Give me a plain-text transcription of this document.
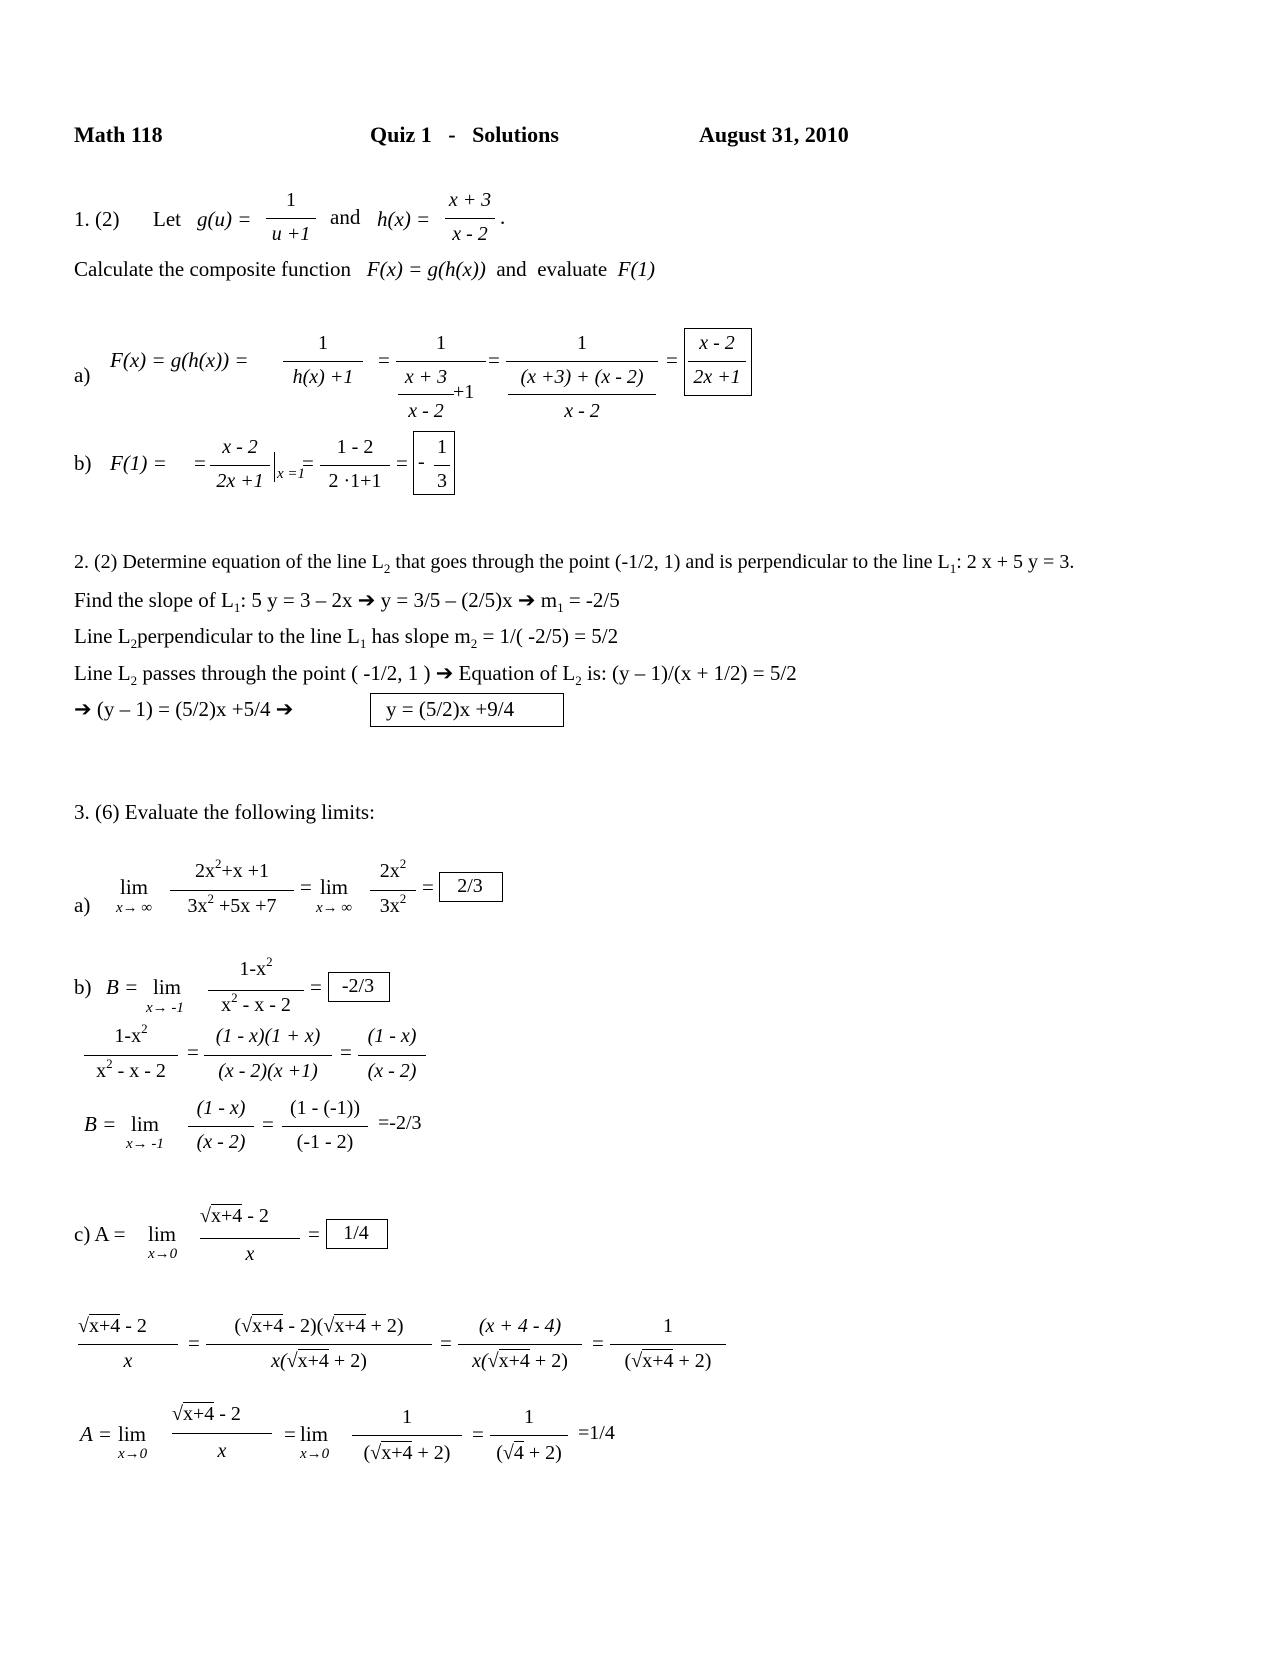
Math 118	Quiz 1 - Solutions	August 31, 2010
1. (2) Let g(u) =
1
u +1
and h(x) =
x + 3
x - 2
.
Calculate the composite function F(x) = g(h(x)) and evaluate F(1)
a)
F(x) = g(h(x)) =
1
h(x) +1
=
1
x + 3
x - 2
+1
=
1
(x +3) + (x - 2)
x - 2
=
x - 2
2x +1
b) F(1) = =
x - 2
2x +1 x =1
=
1 - 2
2 ·1+1
= -
1
3
2. (2) Determine equation of the line $L_2$ that goes through the point (-1/2, 1) and is perpendicular to the line $L_1$: 2 x + 5 y = 3.
Find the slope of $L_1$: 5 y = 3 – 2x ➔ y = 3/5 – (2/5)x ➔ $m_1 = -2/5$
Line $L_2perpendicular$ to the line $L_1$ has slope $m_2 = 1/$( -2/5) = 5/2
Line $L_2$ passes through the point ( -1/2, 1 ) ➔ Equation of $L_2$ is: (y – 1)/(x + 1/2) = 5/2
➔ (y – 1) = (5/2)x +5/4 ➔	y = (5/2)x +9/4
3. (6) Evaluate the following limits:
a)
lim
x→ ∞
$2x^2+x +1$
$3x^2 +5x +7$
= lim
x→ ∞
$2x^2$
$3x^2$ =	2/3
b) B = lim
x→ -1
$1-x^2$
$x^2$ - x - 2
=	-2/3
$1-x^2$
$x^2$ - x - 2
=
(1 - x)(1 + x)
(x - 2)(x +1)
=
(1 - x)
(x - 2)
B = lim
x→ -1
(1 - x)
(x - 2)
=
(1 - (-1))
(-1 - 2)
=-2/3
c) A = lim
x→0
√x+4 - 2
x
=	1/4
√x+4 - 2
x
=
(√x+4 - 2)(√x+4 + 2)
x(√x+4 + 2)
=
(x + 4 - 4)
x(√x+4 + 2)
=
1
(√x+4 + 2)
A = lim
x→0
√x+4 - 2
x
= lim
x→0
1
(√x+4 + 2)
=
1
(√4 + 2)
=1/4
